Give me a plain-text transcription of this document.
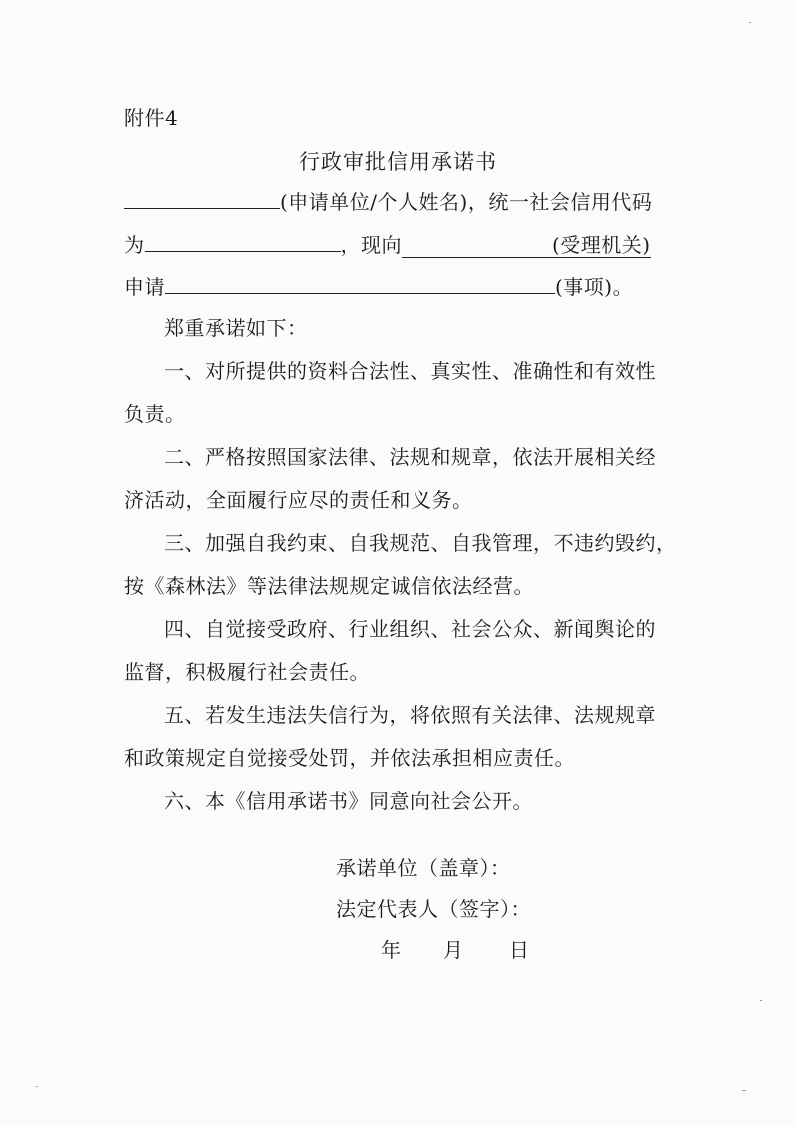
附件4
行政审批信用承诺书
(申请单位/个人姓名)，统一社会信用代码
为	，现向	(受理机关)
申请	(事项)。
郑重承诺如下：
一、对所提供的资料合法性、真实性、准确性和有效性
负责。
二、严格按照国家法律、法规和规章，依法开展相关经
济活动，全面履行应尽的责任和义务。
三、加强自我约束、自我规范、自我管理，不违约毁约，
按《森林法》等法律法规规定诚信依法经营。
四、自觉接受政府、行业组织、社会公众、新闻舆论的
监督，积极履行社会责任。
五、若发生违法失信行为，将依照有关法律、法规规章
和政策规定自觉接受处罚，并依法承担相应责任。
六、本《信用承诺书》同意向社会公开。
承诺单位（盖章）：
法定代表人（签字）：
年 月 日
